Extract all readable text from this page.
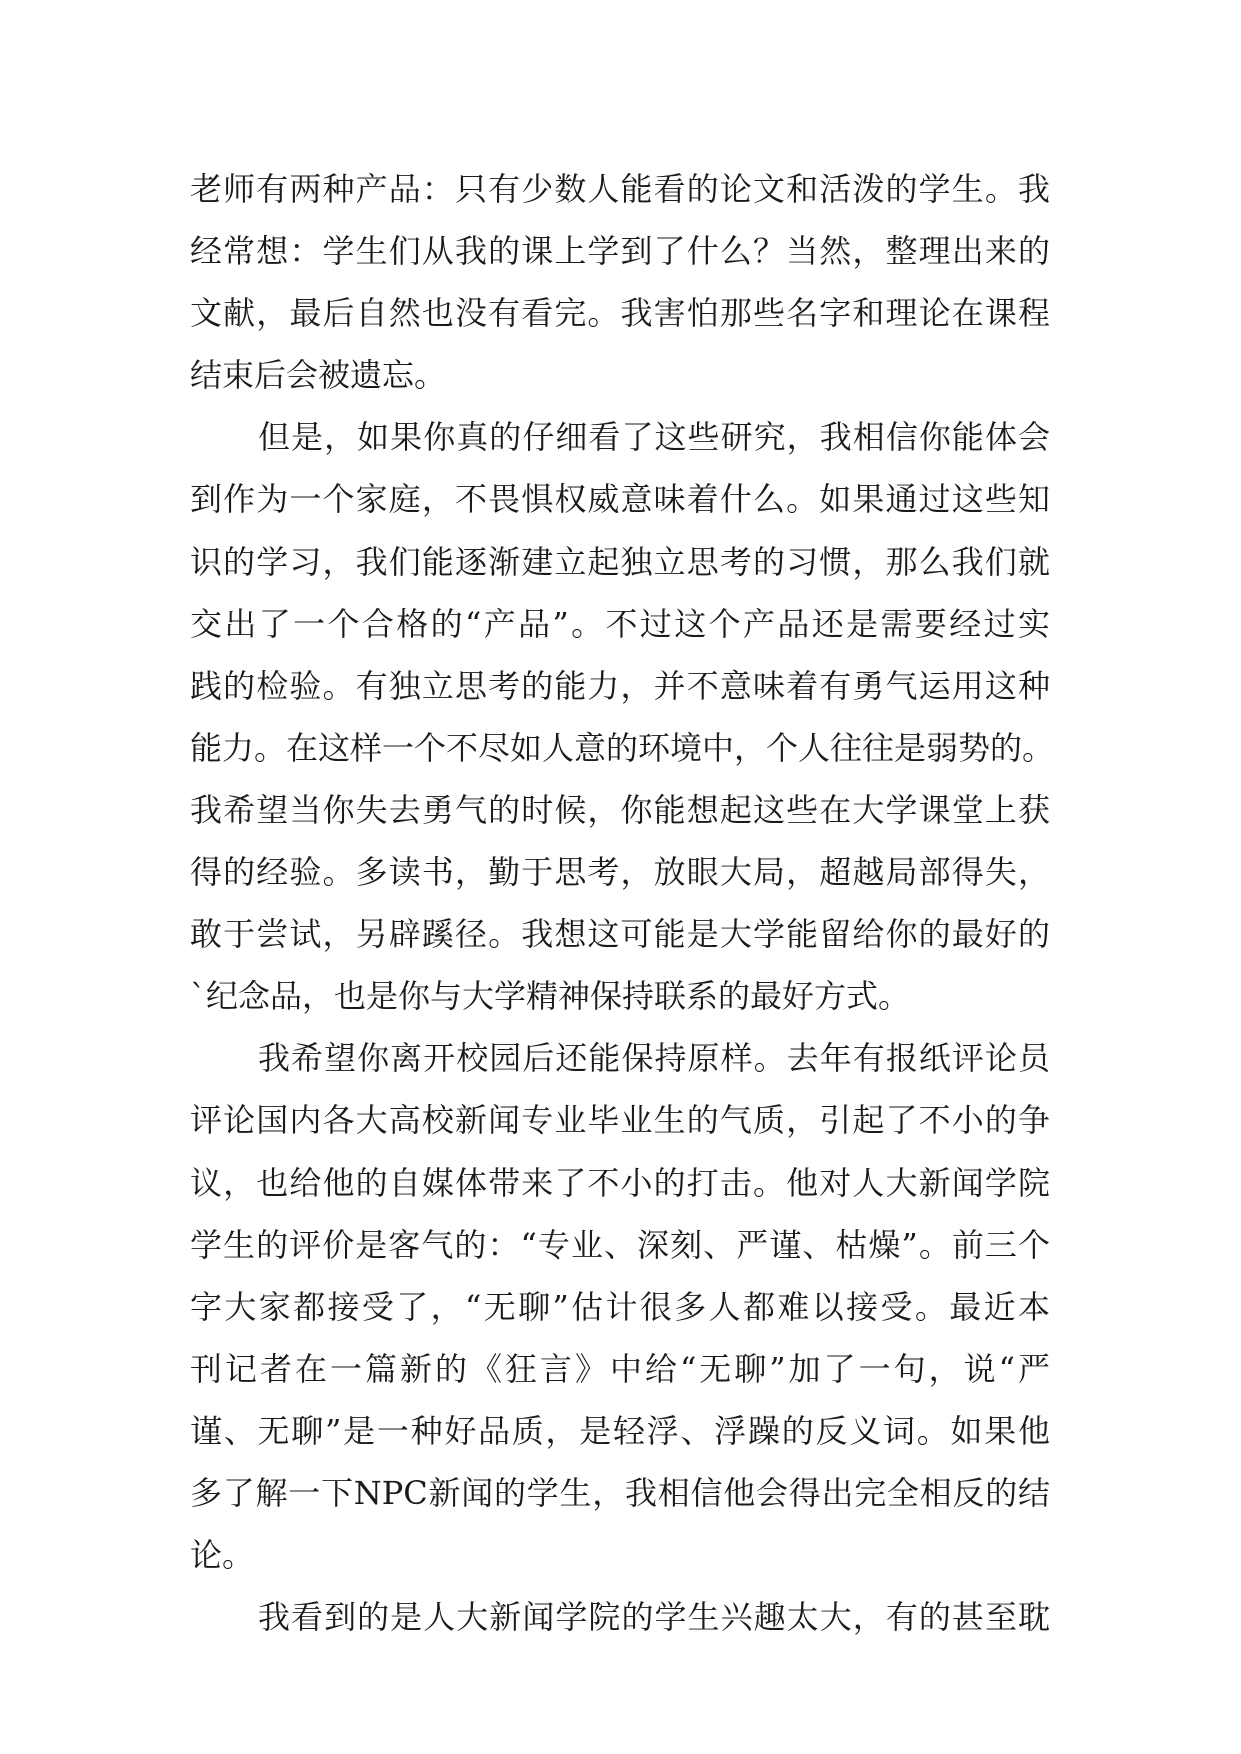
老师有两种产品：只有少数人能看的论文和活泼的学生。我
经常想：学生们从我的课上学到了什么？当然，整理出来的
文献，最后自然也没有看完。我害怕那些名字和理论在课程
结束后会被遗忘。
但是，如果你真的仔细看了这些研究，我相信你能体会
到作为一个家庭，不畏惧权威意味着什么。如果通过这些知
识的学习，我们能逐渐建立起独立思考的习惯，那么我们就
交出了一个合格的“产品”。不过这个产品还是需要经过实
践的检验。有独立思考的能力，并不意味着有勇气运用这种
能力。在这样一个不尽如人意的环境中，个人往往是弱势的。
我希望当你失去勇气的时候，你能想起这些在大学课堂上获
得的经验。多读书，勤于思考，放眼大局，超越局部得失，
敢于尝试，另辟蹊径。我想这可能是大学能留给你的最好的
`纪念品，也是你与大学精神保持联系的最好方式。
我希望你离开校园后还能保持原样。去年有报纸评论员
评论国内各大高校新闻专业毕业生的气质，引起了不小的争
议，也给他的自媒体带来了不小的打击。他对人大新闻学院
学生的评价是客气的：“专业、深刻、严谨、枯燥”。前三个
字大家都接受了，“无聊”估计很多人都难以接受。最近本
刊记者在一篇新的《狂言》中给“无聊”加了一句，说“严
谨、无聊”是一种好品质，是轻浮、浮躁的反义词。如果他
多了解一下NPC新闻的学生，我相信他会得出完全相反的结
论。
我看到的是人大新闻学院的学生兴趣太大，有的甚至耽
